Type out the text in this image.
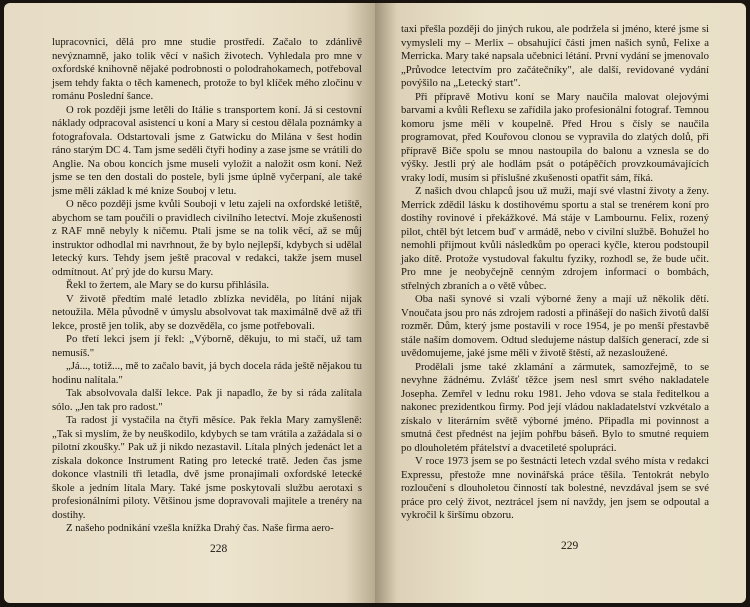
lupracovnici, dělá pro mne studie prostředí. Začalo to zdánlivě nevýznamně, jako tolik věcí v našich životech. Vyhledala pro mne v oxfordské knihovně nějaké podrobnosti o polodrahokamech, potřeboval jsem tehdy fakta o těch kamenech, protože to byl klíček mého zločinu v románu Poslední šance.

O rok později jsme letěli do Itálie s transportem koní. Já si cestovní náklady odpracoval asistencí u koní a Mary si cestou dělala poznámky a fotografovala. Odstartovali jsme z Gatwicku do Milána v šest hodin ráno starým DC 4. Tam jsme seděli čtyři hodiny a zase jsme se vrátili do Anglie. Na obou koncích jsme museli vyložit a naložit osm koní. Než jsme se ten den dostali do postele, byli jsme úplně vyčerpaní, ale také jsme měli základ k mé knize Souboj v letu.

O něco později jsme kvůli Souboji v letu zajeli na oxfordské letiště, abychom se tam poučili o pravidlech civilního letectví. Moje zkušenosti z RAF mně nebyly k ničemu. Ptali jsme se na tolik věcí, až se můj instruktor odhodlal mi navrhnout, že by bylo nejlepší, kdybych si udělal letecký kurs. Tehdy jsem ještě pracoval v redakci, takže jsem musel odmítnout. Ať prý jde do kursu Mary.

Řekl to žertem, ale Mary se do kursu přihlásila.

V životě předtím malé letadlo zblízka neviděla, po lítání nijak netoužila. Měla původně v úmyslu absolvovat tak maximálně dvě až tři lekce, prostě jen tolik, aby se dozvěděla, co jsme potřebovali.

Po třetí lekci jsem jí řekl: „Výborně, děkuju, to mi stačí, už tam nemusíš."

„Já..., totiž..., mě to začalo bavit, já bych docela ráda ještě nějakou tu hodinu nalítala."

Tak absolvovala další lekce. Pak ji napadlo, že by si ráda zalítala sólo. „Jen tak pro radost."

Ta radost jí vystačila na čtyři měsíce. Pak řekla Mary zamyšleně: „Tak si myslím, že by neuškodilo, kdybych se tam vrátila a zažádala si o pilotní zkoušky." Pak už ji nikdo nezastavil. Lítala plných jedenáct let a získala dokonce Instrument Rating pro letecké tratě. Jeden čas jsme dokonce vlastnili tři letadla, dvě jsme pronajímali oxfordské letecké škole a jedním lítala Mary. Také jsme poskytovali službu aerotaxi s profesionálními piloty. Většinou jsme dopravovali majitele a trenéry na dostihy.

Z našeho podnikání vzešla knížka Drahý čas. Naše firma aero-

228

taxi přešla později do jiných rukou, ale podržela si jméno, které jsme si vymysleli my – Merlix – obsahující části jmen našich synů, Felixe a Merricka. Mary také napsala učebnici létání. První vydání se jmenovalo „Průvodce letectvím pro začátečníky", ale další, revidované vydání povýšilo na „Letecký start".

Při přípravě Motivu koní se Mary naučila malovat olejovými barvami a kvůli Reflexu se zařídila jako profesionální fotograf. Temnou komoru jsme měli v koupelně. Před Hrou s čísly se naučila programovat, před Kouřovou clonou se vypravila do zlatých dolů, při přípravě Biče spolu se mnou nastoupila do balonu a vznesla se do výšky. Jestli prý ale hodlám psát o potápěčích provzkoumávajících vraky lodí, musím si příslušné zkušenosti opatřit sám, říká.

Z našich dvou chlapců jsou už muži, mají své vlastní životy a ženy. Merrick zdědil lásku k dostihovému sportu a stal se trenérem koní pro dostihy rovinové i překážkové. Má stáje v Lambournu. Felix, rozený pilot, chtěl být letcem buď v armádě, nebo v civilní službě. Bohužel ho nemohli přijmout kvůli následkům po operaci kyčle, kterou podstoupil jako dítě. Protože vystudoval fakultu fyziky, rozhodl se, že bude učit. Pro mne je neobyčejně cenným zdrojem informací o bombách, střelných zbraních a o větě vůbec.

Oba naši synové si vzali výborné ženy a mají už několik dětí. Vnoučata jsou pro nás zdrojem radosti a přinášejí do našich životů další rozměr. Dům, který jsme postavili v roce 1954, je po menší přestavbě stále naším domovem. Odtud sledujeme nástup dalších generací, zde si uvědomujeme, jaké jsme měli v životě štěstí, až nezasloužené.

Prodělali jsme také zklamání a zármutek, samozřejmě, to se nevyhne žádnému. Zvlášť těžce jsem nesl smrt svého nakladatele Josepha. Zemřel v lednu roku 1981. Jeho vdova se stala ředitelkou a nakonec prezidentkou firmy. Pod její vládou nakladatelství vzkvétalo a získalo v literárním světě výborné jméno. Připadla mi povinnost a smutná čest přednést na jejím pohřbu báseň. Bylo to smutné requiem po dlouholetém přátelství a dvacetileté spolupráci.

V roce 1973 jsem se po šestnácti letech vzdal svého místa v redakci Expressu, přestože mne novinářská práce těšila. Tentokrát nebylo rozloučení s dlouholetou činností tak bolestné, nevzdával jsem se své práce pro celý život, neztrácel jsem ní navždy, jen jsem se odpoutal a vykročil k širšímu obzoru.

229
